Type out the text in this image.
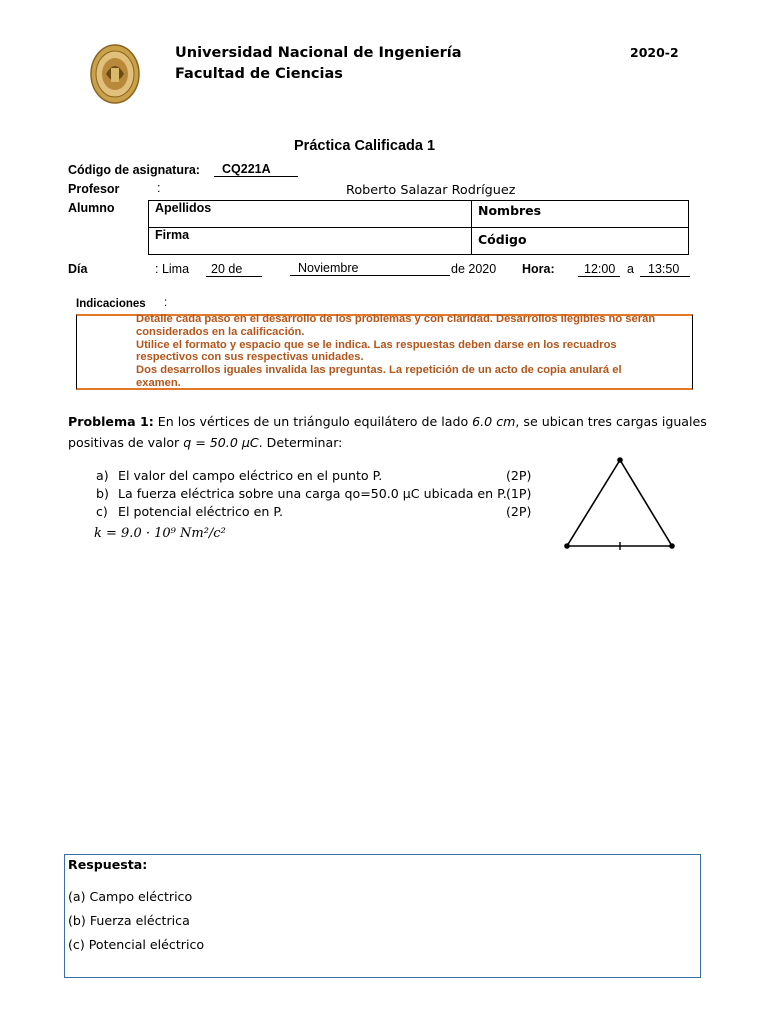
Universidad Nacional de Ingeniería
Facultad de Ciencias
2020-2
Práctica Calificada 1
Código de asignatura:	CQ221A
Profesor	:	Roberto Salazar Rodríguez
Alumno	Apellidos	Nombres
Firma	Código
Día	: Lima	20 de	Noviembre	de 2020 Hora:	12:00 a	13:50
Indicaciones :
Detalle cada paso en el desarrollo de los problemas y con claridad. Desarrollos ilegibles no serán
considerados en la calificación.
Utilice el formato y espacio que se le indica. Las respuestas deben darse en los recuadros
respectivos con sus respectivas unidades.
Dos desarrollos iguales invalida las preguntas. La repetición de un acto de copia anulará el
examen.
Problema 1: En los vértices de un triángulo equilátero de lado 6.0 cm, se ubican tres cargas iguales
positivas de valor q = 50.0 μC. Determinar:
a) El valor del campo eléctrico en el punto P.	(2P)
b) La fuerza eléctrica sobre una carga qo=50.0 μC ubicada en P. (1P)
c) El potencial eléctrico en P.	(2P)
k = 9.0 · 10⁹ Nm²/c²
Respuesta:
(a) Campo eléctrico
(b) Fuerza eléctrica
(c) Potencial eléctrico
